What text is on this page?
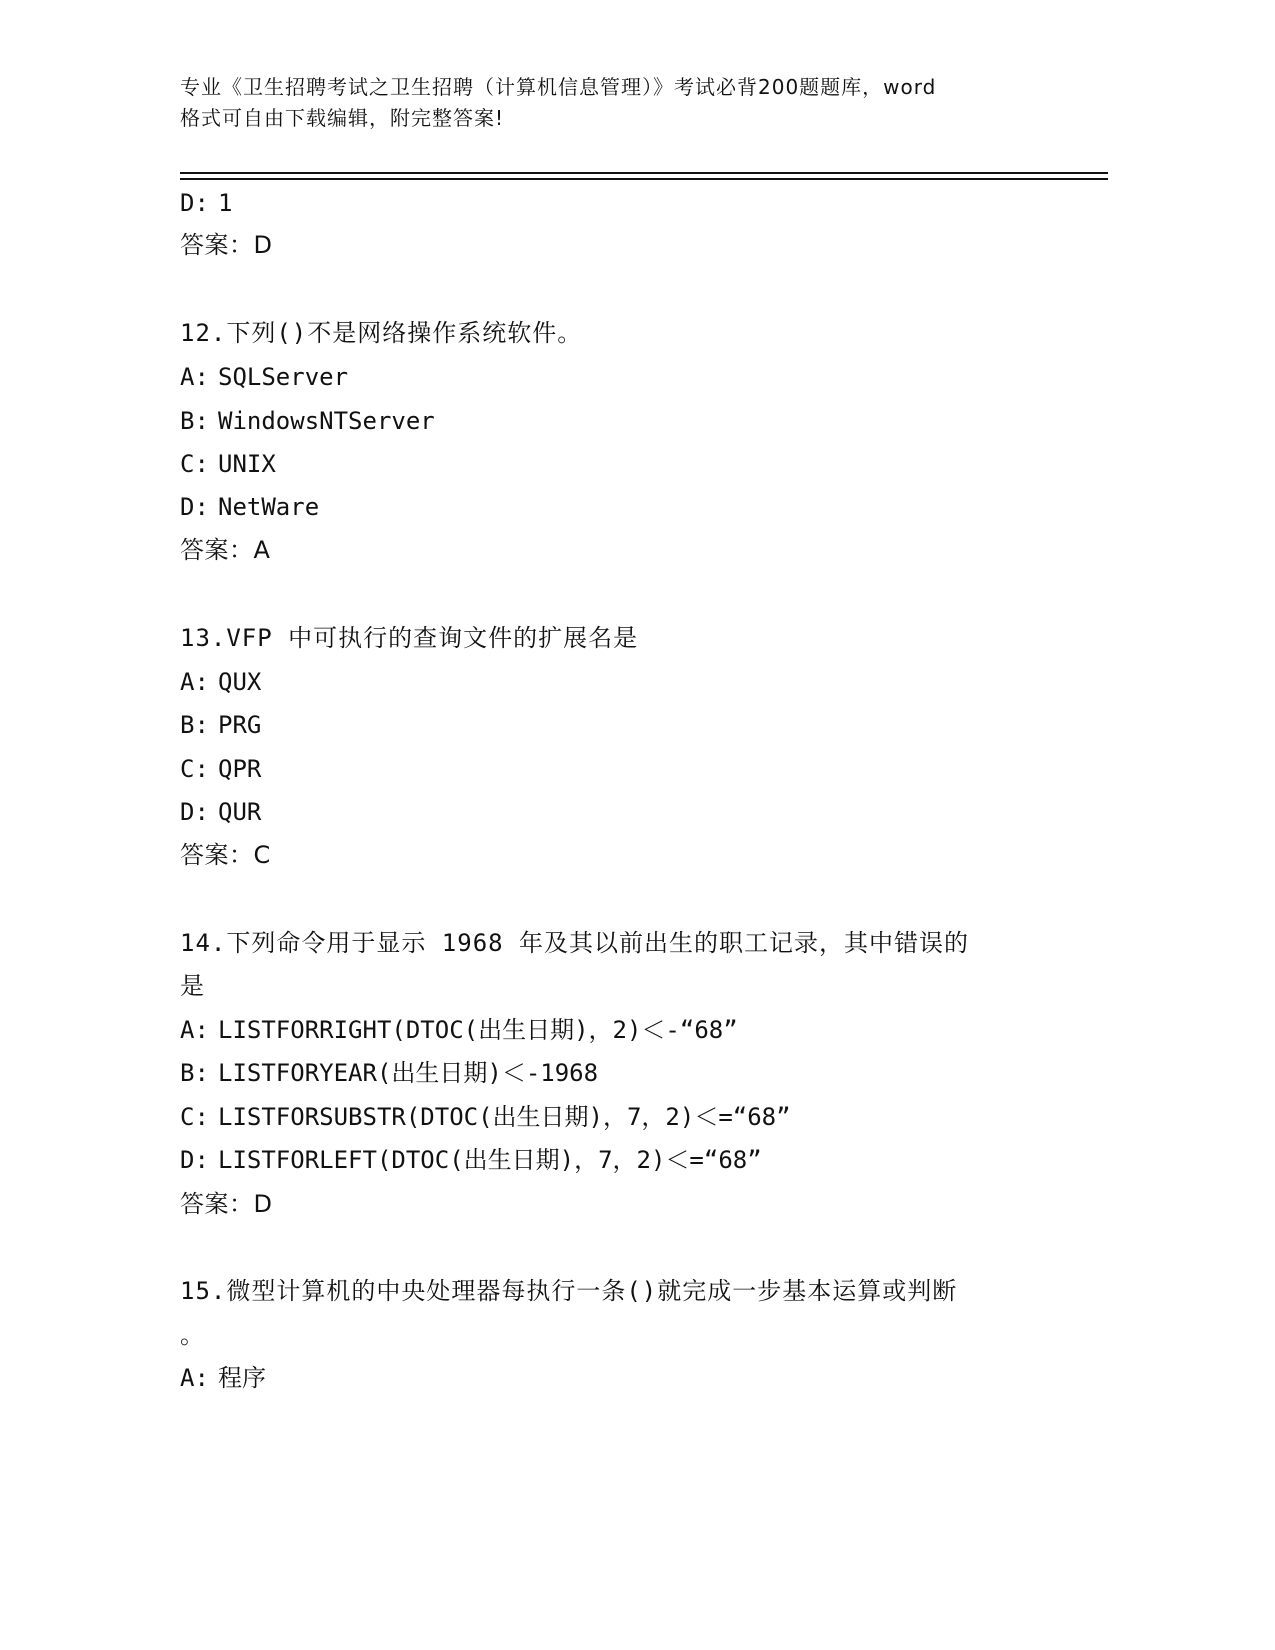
专业《卫生招聘考试之卫生招聘（计算机信息管理）》考试必背200题题库，word
格式可自由下载编辑，附完整答案!
D: 1
答案：D
12.下列()不是网络操作系统软件。
A: SQLServer
B: WindowsNTServer
C: UNIX
D: NetWare
答案：A
13.VFP 中可执行的查询文件的扩展名是
A: QUX
B: PRG
C: QPR
D: QUR
答案：C
14.下列命令用于显示 1968 年及其以前出生的职工记录，其中错误的
是
A: LISTFORRIGHT(DTOC(出生日期)，2)＜-“68”
B: LISTFORYEAR(出生日期)＜-1968
C: LISTFORSUBSTR(DTOC(出生日期)，7，2)＜=“68”
D: LISTFORLEFT(DTOC(出生日期)，7，2)＜=“68”
答案：D
15.微型计算机的中央处理器每执行一条()就完成一步基本运算或判断
。
A: 程序
